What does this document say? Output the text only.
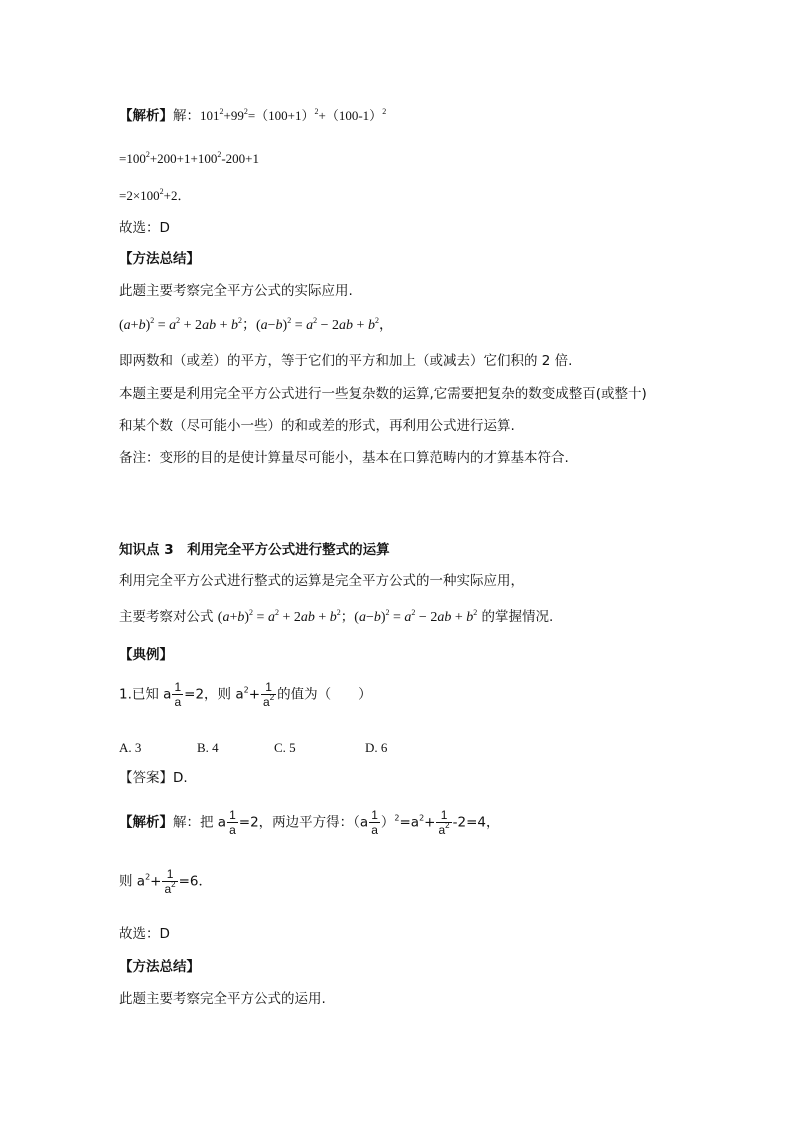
【解析】解：$101^2+99^2=(100+1)^2+(100-1)^2$
$=100^2+200+1+100^2-200+1$
$=2\times 100^2+2$．
故选：D
【方法总结】
此题主要考察完全平方公式的实际应用.
$(a+b)^2 = a^2 + 2ab + b^2$；$(a-b)^2 = a^2 - 2ab + b^2$，
即两数和（或差）的平方，等于它们的平方和加上（或减去）它们积的 2 倍.
本题主要是利用完全平方公式进行一些复杂数的运算,它需要把复杂的数变成整百(或整十)
和某个数（尽可能小一些）的和或差的形式，再利用公式进行运算.
备注：变形的目的是使计算量尽可能小，基本在口算范畴内的才算基本符合.
知识点 3　利用完全平方公式进行整式的运算
利用完全平方公式进行整式的运算是完全平方公式的一种实际应用，
主要考察对公式 $(a+b)^2 = a^2 + 2ab + b^2$；$(a-b)^2 = a^2 - 2ab + b^2$ 的掌握情况.
【典例】
1.已知 a $\frac{1}{a} =2$，则 $a^2+ \frac{1}{a^2}$ 的值为（　　）
A. 3	B. 4	C. 5	D. 6
【答案】D.
【解析】解：把 a $\frac{1}{a} =2$，两边平方得：$(a \frac{1}{a} )^2=a^2+ \frac{1}{a^2} -2=4$，
则 $a^2+ \frac{1}{a^2} =6$．
故选：D
【方法总结】
此题主要考察完全平方公式的运用.
